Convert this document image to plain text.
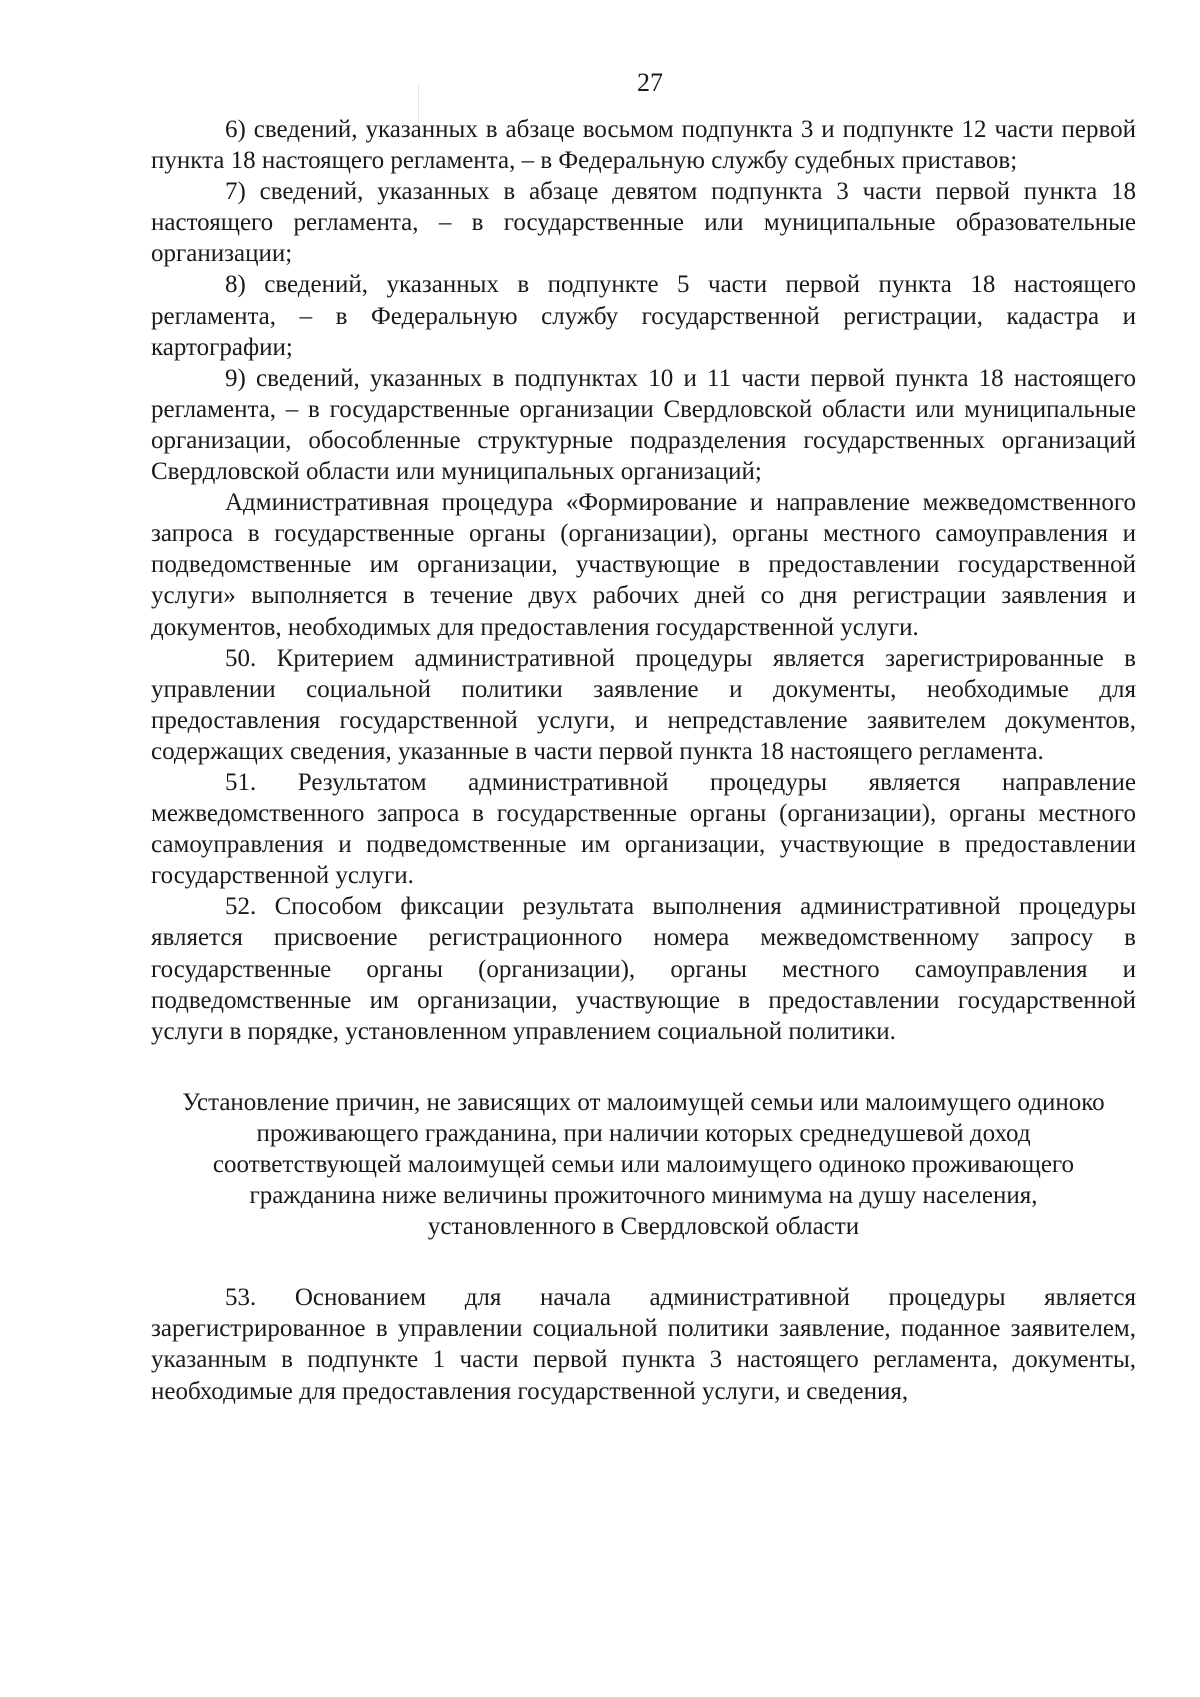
27

6) сведений, указанных в абзаце восьмом подпункта 3 и подпункте 12 части первой пункта 18 настоящего регламента, – в Федеральную службу судебных приставов;

7) сведений, указанных в абзаце девятом подпункта 3 части первой пункта 18 настоящего регламента, – в государственные или муниципальные образовательные организации;

8) сведений, указанных в подпункте 5 части первой пункта 18 настоящего регламента, – в Федеральную службу государственной регистрации, кадастра и картографии;

9) сведений, указанных в подпунктах 10 и 11 части первой пункта 18 настоящего регламента, – в государственные организации Свердловской области или муниципальные организации, обособленные структурные подразделения государственных организаций Свердловской области или муниципальных организаций;

Административная процедура «Формирование и направление межведомственного запроса в государственные органы (организации), органы местного самоуправления и подведомственные им организации, участвующие в предоставлении государственной услуги» выполняется в течение двух рабочих дней со дня регистрации заявления и документов, необходимых для предоставления государственной услуги.

50. Критерием административной процедуры является зарегистрированные в управлении социальной политики заявление и документы, необходимые для предоставления государственной услуги, и непредставление заявителем документов, содержащих сведения, указанные в части первой пункта 18 настоящего регламента.

51. Результатом административной процедуры является направление межведомственного запроса в государственные органы (организации), органы местного самоуправления и подведомственные им организации, участвующие в предоставлении государственной услуги.

52. Способом фиксации результата выполнения административной процедуры является присвоение регистрационного номера межведомственному запросу в государственные органы (организации), органы местного самоуправления и подведомственные им организации, участвующие в предоставлении государственной услуги в порядке, установленном управлением социальной политики.

Установление причин, не зависящих от малоимущей семьи или малоимущего одиноко проживающего гражданина, при наличии которых среднедушевой доход соответствующей малоимущей семьи или малоимущего одиноко проживающего гражданина ниже величины прожиточного минимума на душу населения, установленного в Свердловской области

53. Основанием для начала административной процедуры является зарегистрированное в управлении социальной политики заявление, поданное заявителем, указанным в подпункте 1 части первой пункта 3 настоящего регламента, документы, необходимые для предоставления государственной услуги, и сведения,
